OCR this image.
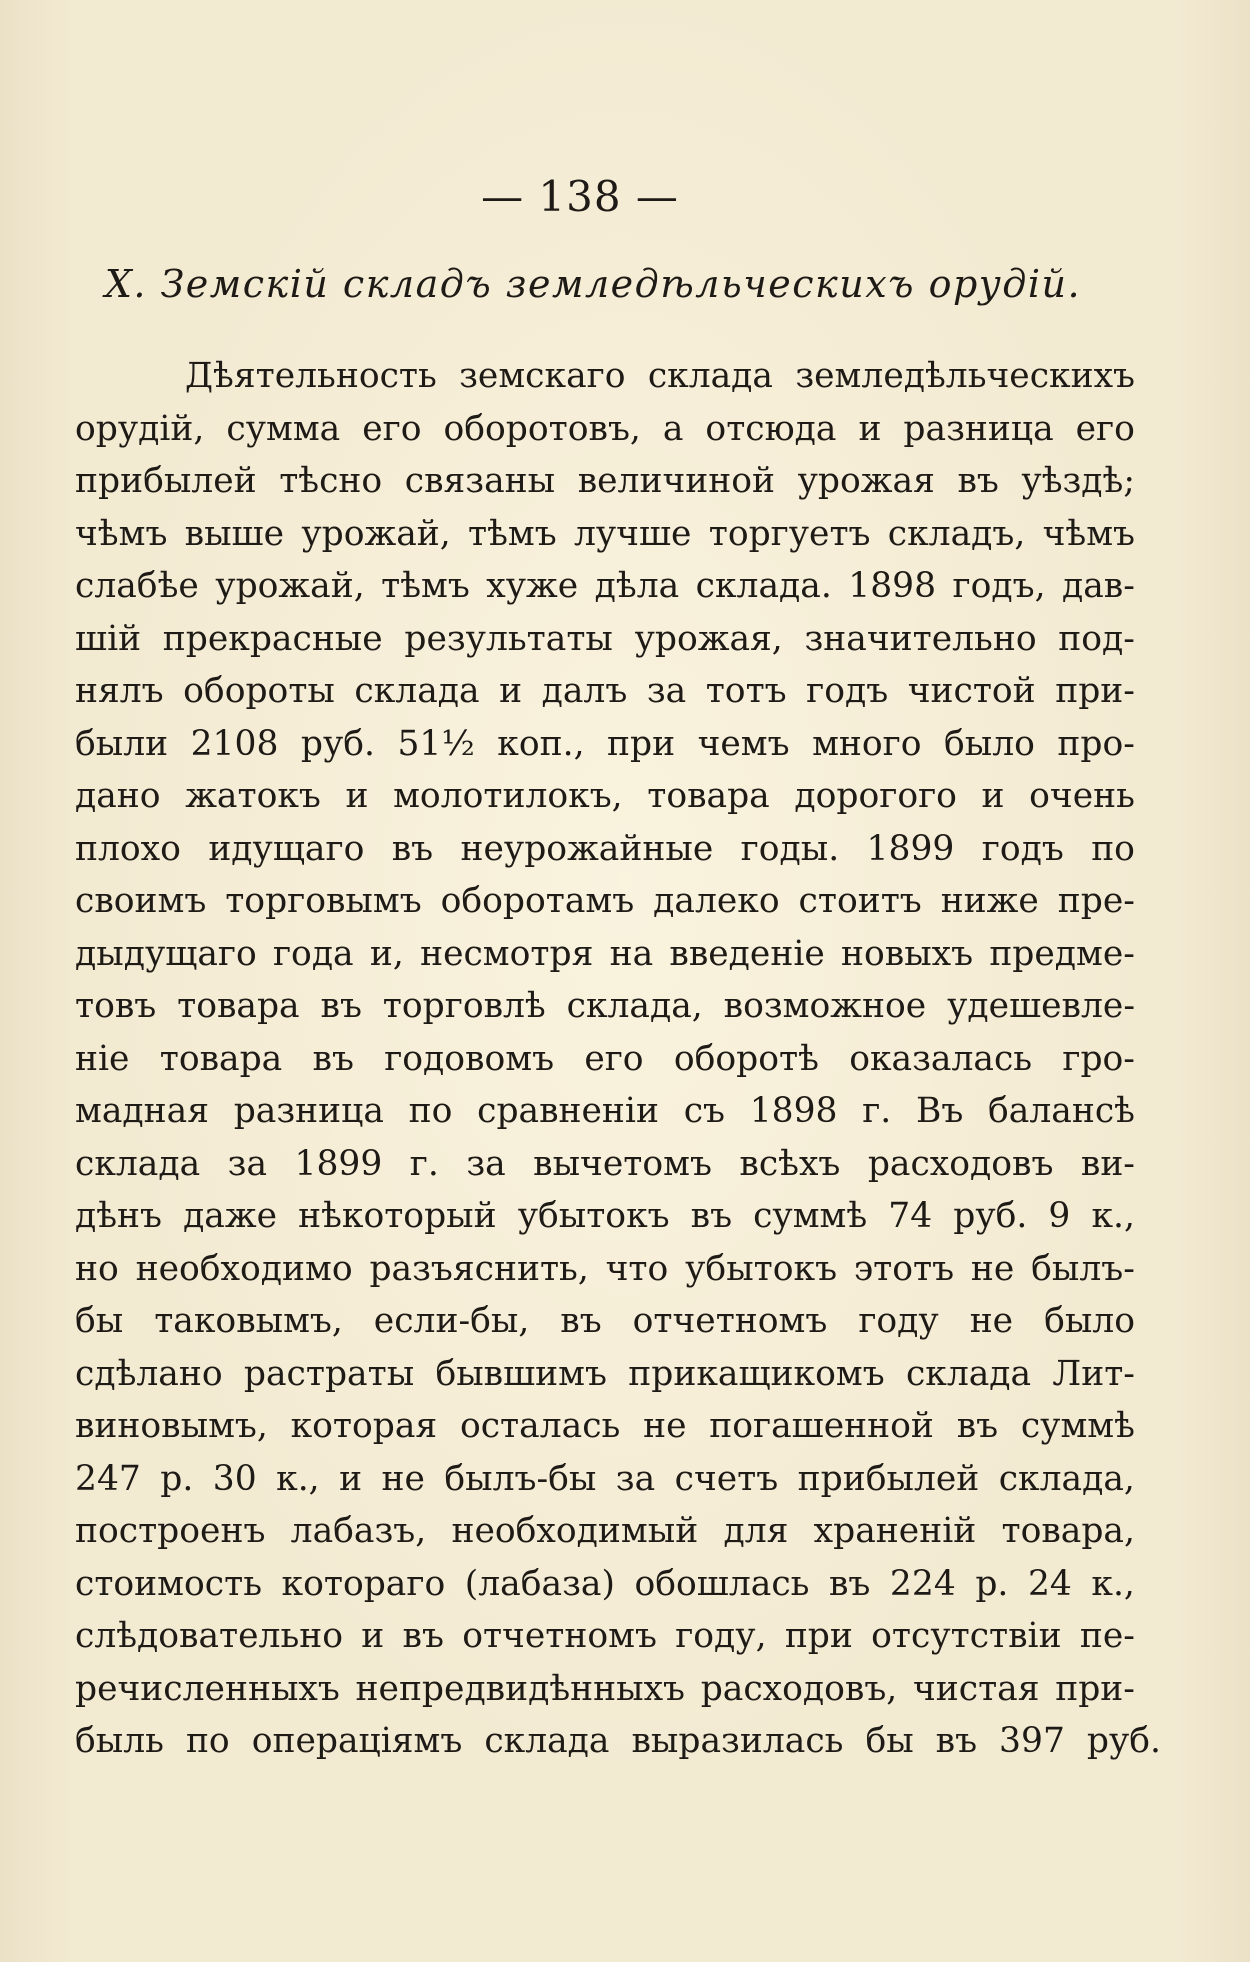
— 138 —
X. Земскій складъ земледѣльческихъ орудій.
Дѣятельность земскаго склада земледѣльческихъ
орудій, сумма его оборотовъ, а отсюда и разница его
прибылей тѣсно связаны величиной урожая въ уѣздѣ;
чѣмъ выше урожай, тѣмъ лучше торгуетъ складъ, чѣмъ
слабѣе урожай, тѣмъ хуже дѣла склада. 1898 годъ, дав-
шій прекрасные результаты урожая, значительно под-
нялъ обороты склада и далъ за тотъ годъ чистой при-
были 2108 руб. 51½ коп., при чемъ много было про-
дано жатокъ и молотилокъ, товара дорогого и очень
плохо идущаго въ неурожайные годы. 1899 годъ по
своимъ торговымъ оборотамъ далеко стоитъ ниже пре-
дыдущаго года и, несмотря на введеніе новыхъ предме-
товъ товара въ торговлѣ склада, возможное удешевле-
ніе товара въ годовомъ его оборотѣ оказалась гро-
мадная разница по сравненіи съ 1898 г. Въ балансѣ
склада за 1899 г. за вычетомъ всѣхъ расходовъ ви-
дѣнъ даже нѣкоторый убытокъ въ суммѣ 74 руб. 9 к.,
но необходимо разъяснить, что убытокъ этотъ не былъ-
бы таковымъ, если-бы, въ отчетномъ году не было
сдѣлано растраты бывшимъ прикащикомъ склада Лит-
виновымъ, которая осталась не погашенной въ суммѣ
247 р. 30 к., и не былъ-бы за счетъ прибылей склада,
построенъ лабазъ, необходимый для храненій товара,
стоимость котораго (лабаза) обошлась въ 224 р. 24 к.,
слѣдовательно и въ отчетномъ году, при отсутствіи пе-
речисленныхъ непредвидѣнныхъ расходовъ, чистая при-
быль по операціямъ склада выразилась бы въ 397 руб.
